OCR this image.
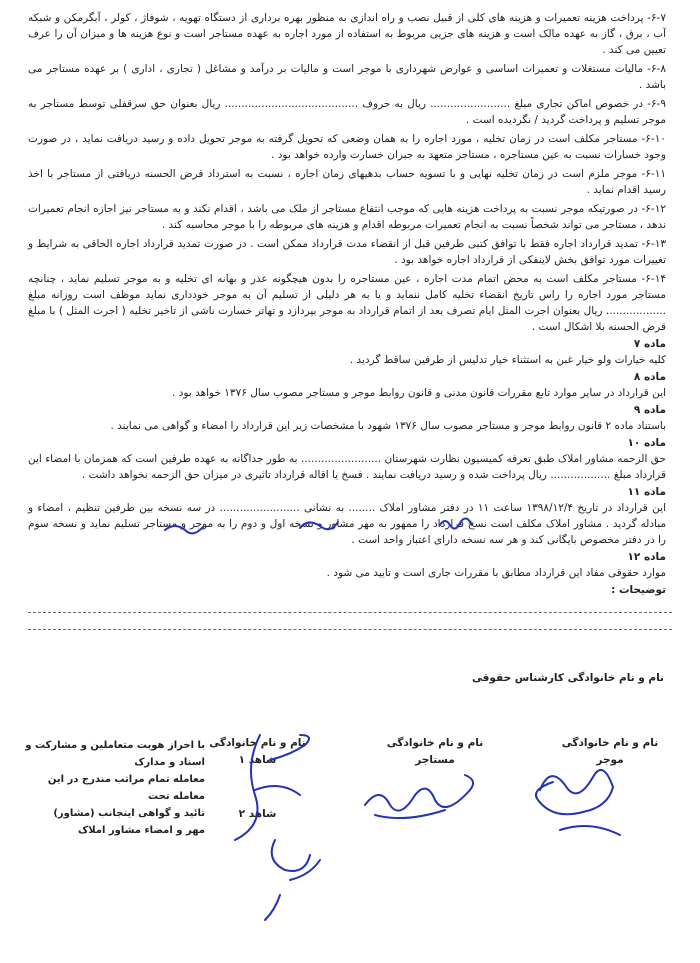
۶-۷- پرداخت هزینه تعمیرات و هزینه های کلی از قبیل نصب و راه اندازی به منظور بهره برداری از دستگاه تهویه ، شوفاژ ، کولر ، آبگرمکن و شبکه آب ، برق ، گاز به عهده مالک است و هزینه های جزیی مربوط به استفاده از مورد اجاره به عهده مستاجر است و نوع هزینه ها و میزان آن را عرف تعیین می کند .

۶-۸- مالیات مستغلات و تعمیرات اساسی و عوارض شهرداری با موجر است و مالیات بر درآمد و مشاغل ( تجاری ، اداری ) بر عهده مستاجر می باشد .

۶-۹- در خصوص اماکن تجاری مبلغ ........................ ریال به حروف ........................................ ریال بعنوان حق سرقفلی توسط مستاجر به موجر تسلیم و پرداخت گردید / نگردیده است .

۶-۱۰- مستاجر مکلف است در زمان تخلیه ، مورد اجاره را به همان وضعی که تحویل گرفته به موجر تحویل داده و رسید دریافت نماید ، در صورت وجود خسارات نسبت به عین مستاجره ، مستاجر متعهد به جبران خسارت وارده خواهد بود .

۶-۱۱- موجر ملزم است در زمان تخلیه نهایی و با تسویه حساب بدهیهای زمان اجاره ، نسبت به استرداد قرض الحسنه دریافتی از مستاجر با اخذ رسید اقدام نماید .

۶-۱۲- در صورتیکه موجر نسبت به پرداخت هزینه هایی که موجب انتفاع مستاجر از ملک می باشد ، اقدام نکند و به مستاجر نیز اجازه انجام تعمیرات ندهد ، مستاجر می تواند شخصاً نسبت به انجام تعمیرات مربوطه اقدام و هزینه های مربوطه را با موجر محاسبه کند .

۶-۱۳- تمدید قرارداد اجاره فقط با توافق کتبی طرفین قبل از انقضاء مدت قرارداد ممکن است . در صورت تمدید قرارداد اجاره الحاقی به شرایط و تغییرات مورد توافق بخش لاینفکی از قرارداد اجاره خواهد بود .

۶-۱۴- مستاجر مکلف است به محض اتمام مدت اجاره ، عین مستاجره را بدون هیچگونه عذر و بهانه ای تخلیه و به موجر تسلیم نماید ، چنانچه مستاجر مورد اجاره را راس تاریخ انقضاء تخلیه کامل ننماید و یا به هر دلیلی از تسلیم آن به موجر خودداری نماید موظف است روزانه مبلغ .................. ریال بعنوان اجرت المثل ایام تصرف بعد از اتمام قرارداد به موجر بپردازد و تهاتر خسارت ناشی از تاخیر تخلیه ( اجرت المثل ) با مبلغ قرض الحسنه بلا اشکال است .

ماده ۷

کلیه خیارات ولو خیار غبن به استثناء خیار تدلیس از طرفین ساقط گردید .

ماده ۸

این قرارداد در سایر موارد تابع مقررات قانون مدنی و قانون روابط موجر و مستاجر مصوب سال ۱۳۷۶ خواهد بود .

ماده ۹

باستناد ماده ۲ قانون روابط موجر و مستاجر مصوب سال ۱۳۷۶ شهود با مشخصات زیر این قرارداد را امضاء و گواهی می نمایند .

ماده ۱۰

حق الزحمه مشاور املاک طبق تعرفه کمیسیون نظارت شهرستان ........................ به طور جداگانه به عهده طرفین است که همزمان با امضاء این قرارداد مبلغ .................. ریال پرداخت شده و رسید دریافت نمایند . فسخ یا اقاله قرارداد تاثیری در میزان حق الزحمه نخواهد داشت .

ماده ۱۱

این قرارداد در تاریخ ۱۳۹۸/۱۲/۴ ساعت ۱۱ در دفتر مشاور املاک ........ به نشانی ........................ در سه نسخه بین طرفین تنظیم ، امضاء و مبادله گردید . مشاور املاک مکلف است نسخ قرارداد را ممهور به مهر مشاور و نسخه اول و دوم را به موجر و مستاجر تسلیم نماید و نسخه سوم را در دفتر مخصوص بایگانی کند و هر سه نسخه دارای اعتبار واحد است .

ماده ۱۲

موارد حقوقی مفاد این قرارداد مطابق با مقررات جاری است و تایید می شود .

توضیحات :
نام و نام خانوادگی کارشناس حقوقی
نام و نام خانوادگی
موجر
نام و نام خانوادگی
مستاجر
نام و نام خانوادگی
شاهد ۱
شاهد ۲
با احراز هویت متعاملین و مشارکت و اسناد و مدارک
معامله تمام مراتب مندرج در این معامله تحت
تائید و گواهی اینجانب (مشاور)
مهر و امضاء مشاور املاک
